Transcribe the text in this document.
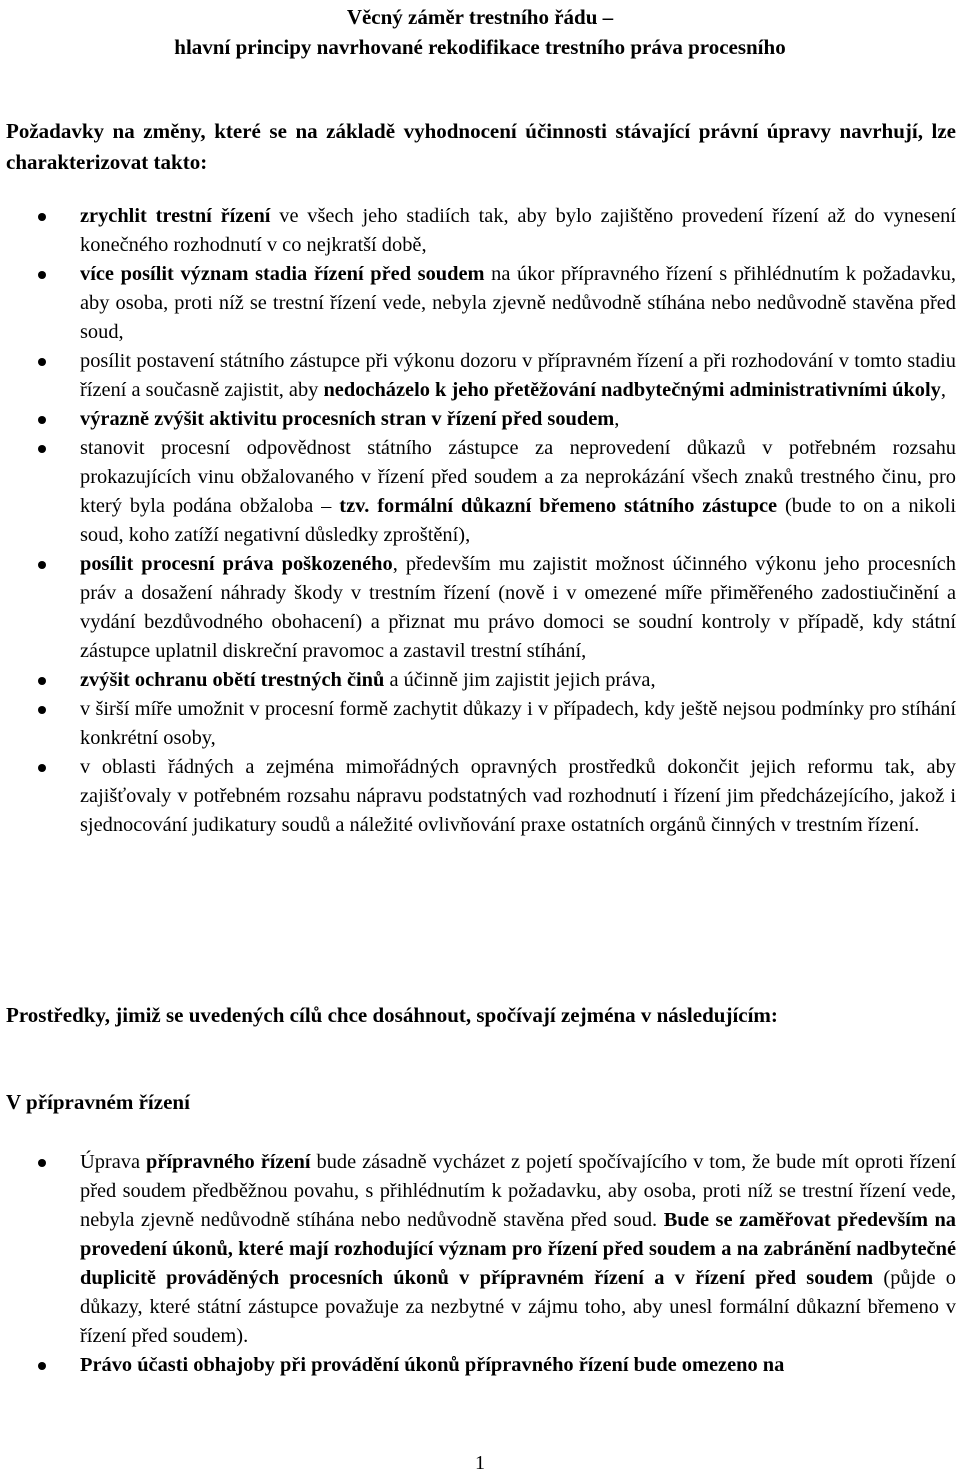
Věcný záměr trestního řádu –
hlavní principy navrhované rekodifikace trestního práva procesního
Požadavky na změny, které se na základě vyhodnocení účinnosti stávající právní úpravy navrhují, lze charakterizovat takto:
zrychlit trestní řízení ve všech jeho stadiích tak, aby bylo zajištěno provedení řízení až do vynesení konečného rozhodnutí v co nejkratší době,
více posílit význam stadia řízení před soudem na úkor přípravného řízení s přihlédnutím k požadavku, aby osoba, proti níž se trestní řízení vede, nebyla zjevně nedůvodně stíhána nebo nedůvodně stavěna před soud,
posílit postavení státního zástupce při výkonu dozoru v přípravném řízení a při rozhodování v tomto stadiu řízení a současně zajistit, aby nedocházelo k jeho přetěžování nadbytečnými administrativními úkoly,
výrazně zvýšit aktivitu procesních stran v řízení před soudem,
stanovit procesní odpovědnost státního zástupce za neprovedení důkazů v potřebném rozsahu prokazujících vinu obžalovaného v řízení před soudem a za neprokázání všech znaků trestného činu, pro který byla podána obžaloba – tzv. formální důkazní břemeno státního zástupce (bude to on a nikoli soud, koho zatíží negativní důsledky zproštění),
posílit procesní práva poškozeného, především mu zajistit možnost účinného výkonu jeho procesních práv a dosažení náhrady škody v trestním řízení (nově i v omezené míře přiměřeného zadostiučinění a vydání bezdůvodného obohacení) a přiznat mu právo domoci se soudní kontroly v případě, kdy státní zástupce uplatnil diskreční pravomoc a zastavil trestní stíhání,
zvýšit ochranu obětí trestných činů a účinně jim zajistit jejich práva,
v širší míře umožnit v procesní formě zachytit důkazy i v případech, kdy ještě nejsou podmínky pro stíhání konkrétní osoby,
v oblasti řádných a zejména mimořádných opravných prostředků dokončit jejich reformu tak, aby zajišťovaly v potřebném rozsahu nápravu podstatných vad rozhodnutí i řízení jim předcházejícího, jakož i sjednocování judikatury soudů a náležité ovlivňování praxe ostatních orgánů činných v trestním řízení.
Prostředky, jimiž se uvedených cílů chce dosáhnout, spočívají zejména v následujícím:
V přípravném řízení
Úprava přípravného řízení bude zásadně vycházet z pojetí spočívajícího v tom, že bude mít oproti řízení před soudem předběžnou povahu, s přihlédnutím k požadavku, aby osoba, proti níž se trestní řízení vede, nebyla zjevně nedůvodně stíhána nebo nedůvodně stavěna před soud. Bude se zaměřovat především na provedení úkonů, které mají rozhodující význam pro řízení před soudem a na zabránění nadbytečné duplicitě prováděných procesních úkonů v přípravném řízení a v řízení před soudem (půjde o důkazy, které státní zástupce považuje za nezbytné v zájmu toho, aby unesl formální důkazní břemeno v řízení před soudem).
Právo účasti obhajoby při provádění úkonů přípravného řízení bude omezeno na
1
